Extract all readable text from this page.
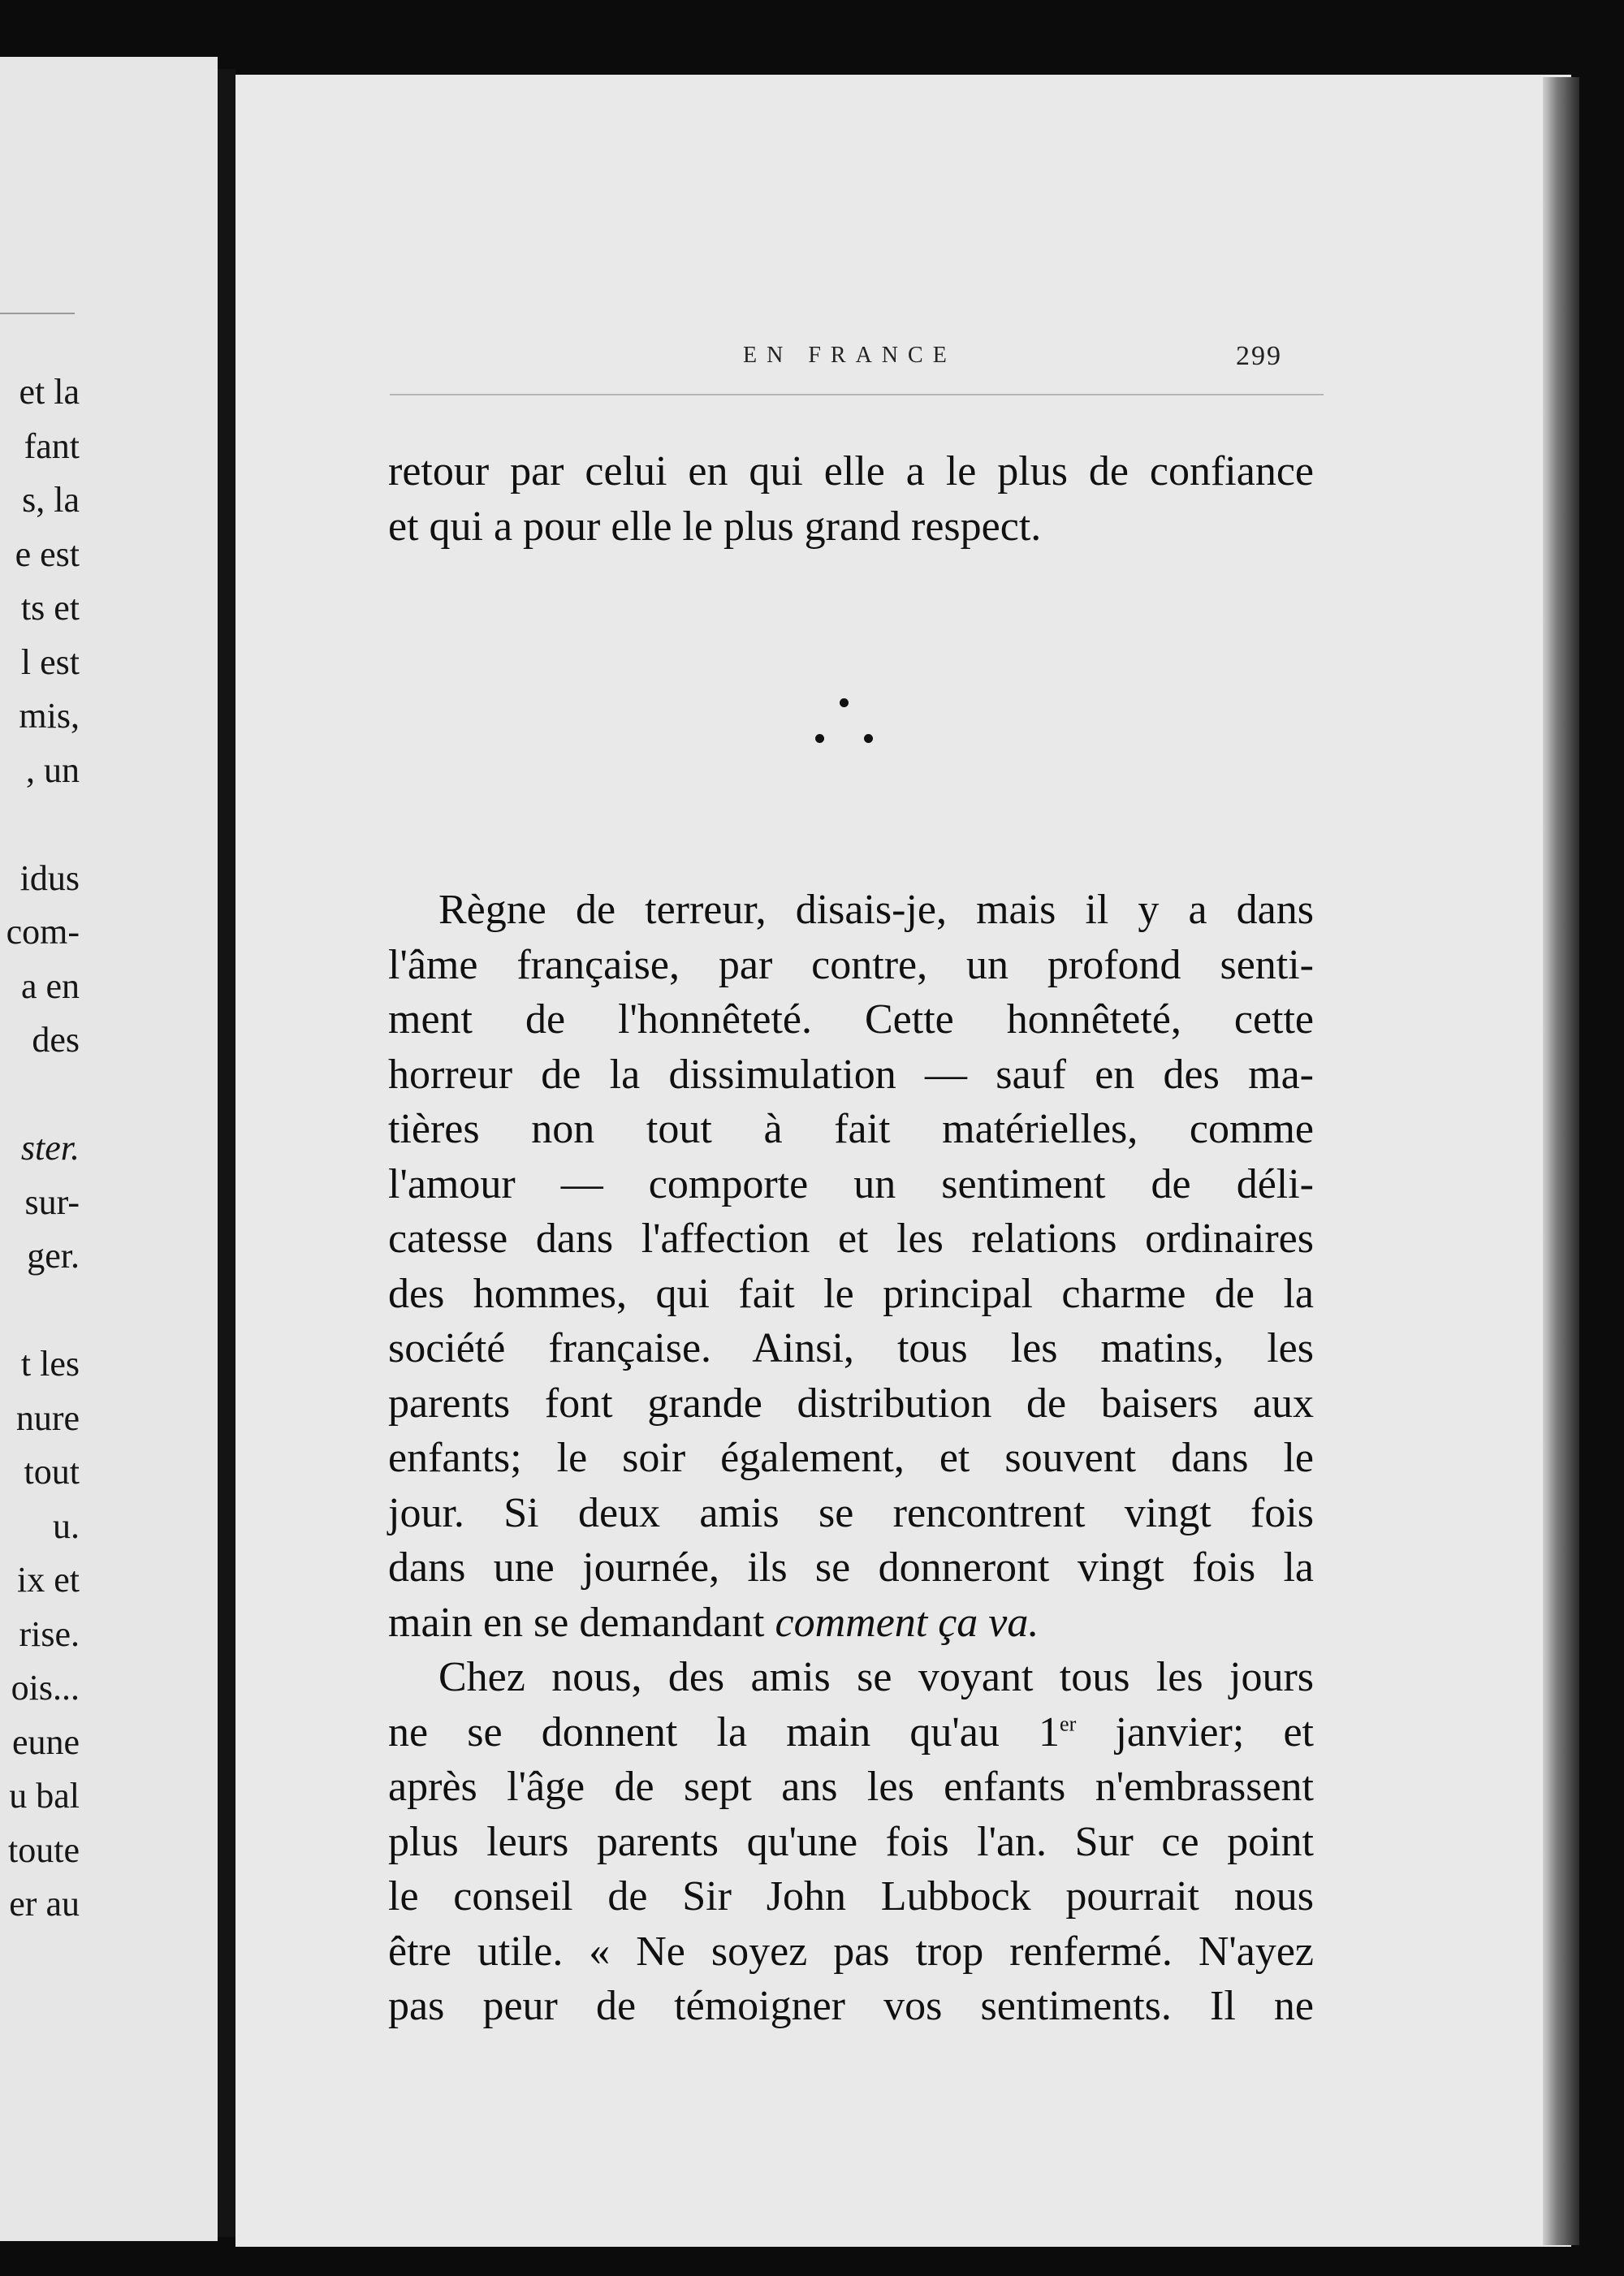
et la
fant
s, la
e est
ts et
l est
mis,
, un
idus
com-
a en
des
ster.
sur-
ger.
t les
nure
tout
u.
ix et
rise.
ois...
eune
u bal
toute
er au
EN FRANCE	299
retour par celui en qui elle a le plus de confiance
et qui a pour elle le plus grand respect.
Règne de terreur, disais-je, mais il y a dans
l'âme française, par contre, un profond senti-
ment de l'honnêteté. Cette honnêteté, cette
horreur de la dissimulation — sauf en des ma-
tières non tout à fait matérielles, comme
l'amour — comporte un sentiment de déli-
catesse dans l'affection et les relations ordinaires
des hommes, qui fait le principal charme de la
société française. Ainsi, tous les matins, les
parents font grande distribution de baisers aux
enfants; le soir également, et souvent dans le
jour. Si deux amis se rencontrent vingt fois
dans une journée, ils se donneront vingt fois la
main en se demandant comment ça va.
Chez nous, des amis se voyant tous les jours
ne se donnent la main qu'au 1er janvier; et
après l'âge de sept ans les enfants n'embrassent
plus leurs parents qu'une fois l'an. Sur ce point
le conseil de Sir John Lubbock pourrait nous
être utile. « Ne soyez pas trop renfermé. N'ayez
pas peur de témoigner vos sentiments. Il ne
